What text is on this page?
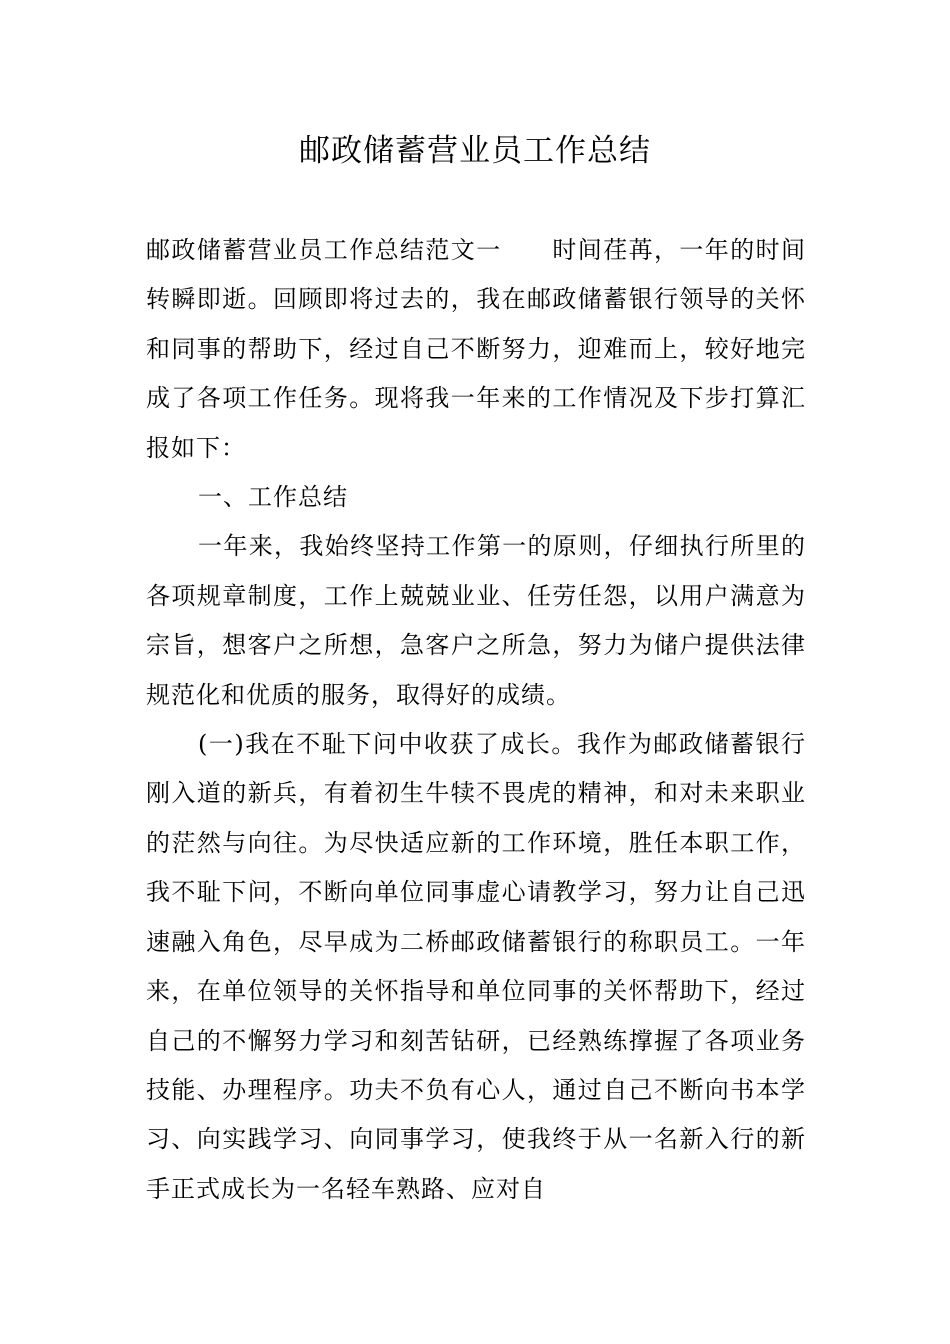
邮政储蓄营业员工作总结

邮政储蓄营业员工作总结范文一　　时间荏苒，一年的时间转瞬即逝。回顾即将过去的，我在邮政储蓄银行领导的关怀和同事的帮助下，经过自己不断努力，迎难而上，较好地完成了各项工作任务。现将我一年来的工作情况及下步打算汇报如下：

一、工作总结

一年来，我始终坚持工作第一的原则，仔细执行所里的各项规章制度，工作上兢兢业业、任劳任怨，以用户满意为宗旨，想客户之所想，急客户之所急，努力为储户提供法律规范化和优质的服务，取得好的成绩。

(一)我在不耻下问中收获了成长。我作为邮政储蓄银行刚入道的新兵，有着初生牛犊不畏虎的精神，和对未来职业的茫然与向往。为尽快适应新的工作环境，胜任本职工作，我不耻下问，不断向单位同事虚心请教学习，努力让自己迅速融入角色，尽早成为二桥邮政储蓄银行的称职员工。一年来，在单位领导的关怀指导和单位同事的关怀帮助下，经过自己的不懈努力学习和刻苦钻研，已经熟练撑握了各项业务技能、办理程序。功夫不负有心人，通过自己不断向书本学习、向实践学习、向同事学习，使我终于从一名新入行的新手正式成长为一名轻车熟路、应对自
